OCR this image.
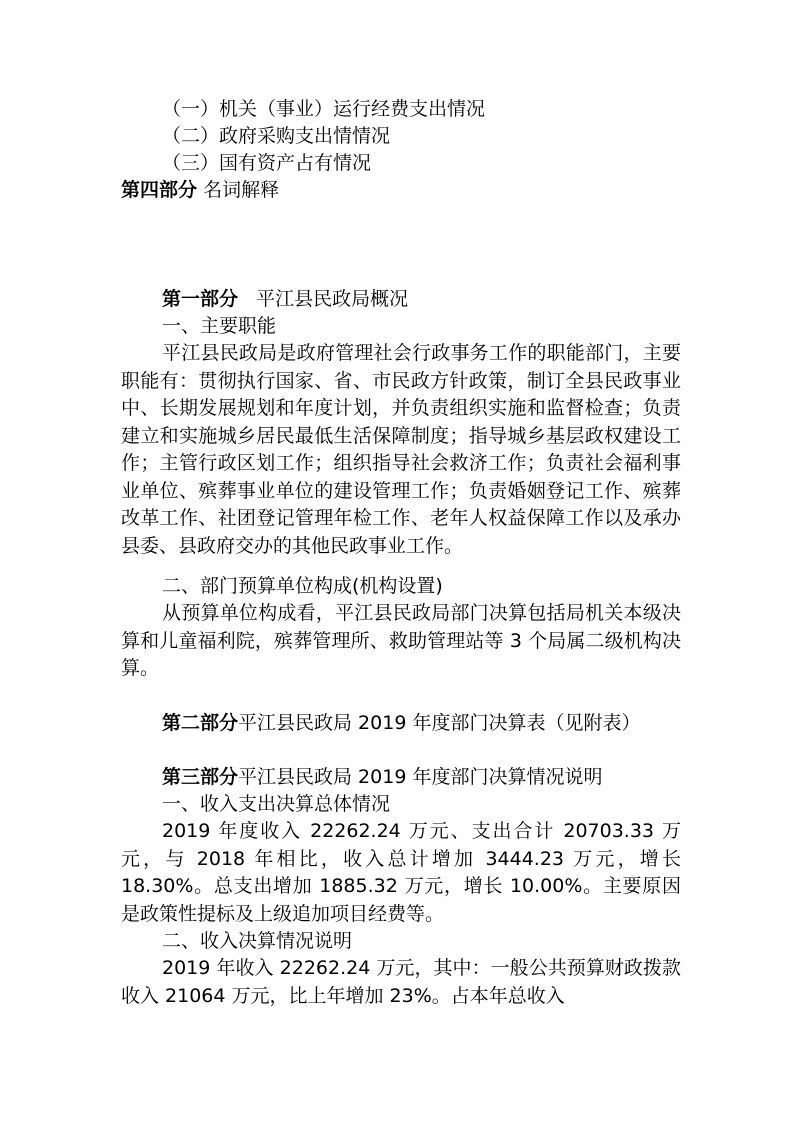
（一）机关（事业）运行经费支出情况
（二）政府采购支出情情况
（三）国有资产占有情况
第四部分 名词解释
第一部分 平江县民政局概况
一、主要职能

平江县民政局是政府管理社会行政事务工作的职能部门，主要职能有：贯彻执行国家、省、市民政方针政策，制订全县民政事业中、长期发展规划和年度计划，并负责组织实施和监督检查；负责建立和实施城乡居民最低生活保障制度；指导城乡基层政权建设工作；主管行政区划工作；组织指导社会救济工作；负责社会福利事业单位、殡葬事业单位的建设管理工作；负责婚姻登记工作、殡葬改革工作、社团登记管理年检工作、老年人权益保障工作以及承办县委、县政府交办的其他民政事业工作。

二、部门预算单位构成(机构设置)

从预算单位构成看，平江县民政局部门决算包括局机关本级决算和儿童福利院，殡葬管理所、救助管理站等 3 个局属二级机构决算。

第二部分平江县民政局 2019 年度部门决算表（见附表）
第三部分平江县民政局 2019 年度部门决算情况说明
一、收入支出决算总体情况

2019 年度收入 22262.24 万元、支出合计 20703.33 万元，与 2018 年相比，收入总计增加 3444.23 万元，增长 18.30%。总支出增加 1885.32 万元，增长 10.00%。主要原因是政策性提标及上级追加项目经费等。

二、收入决算情况说明

2019 年收入 22262.24 万元，其中：一般公共预算财政拨款收入 21064 万元，比上年增加 23%。占本年总收入
